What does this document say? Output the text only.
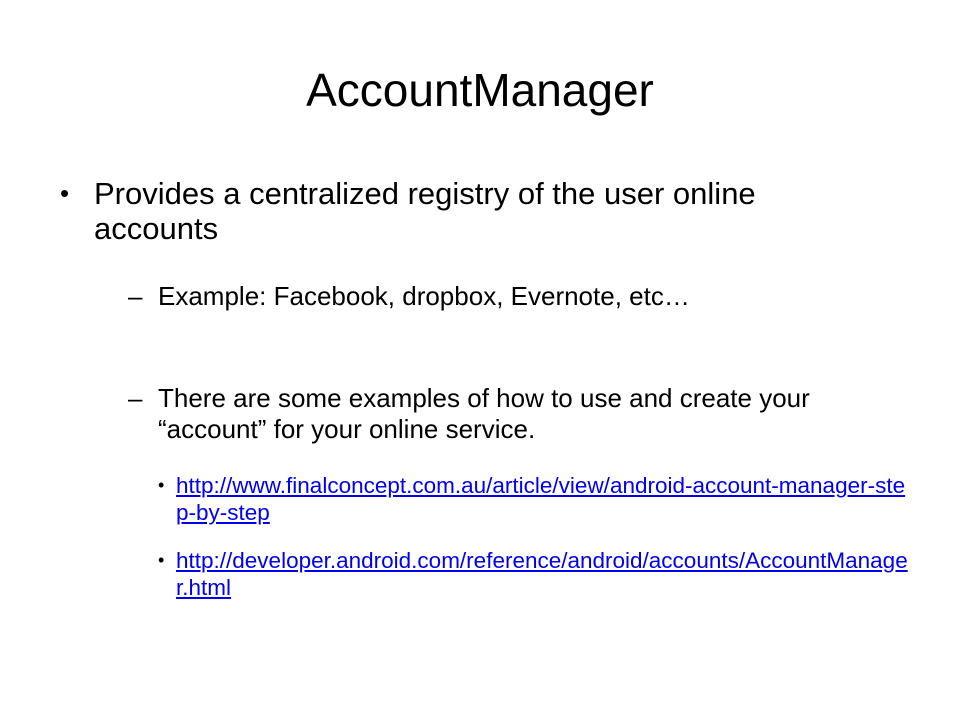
AccountManager
• Provides a centralized registry of the user online accounts
– Example: Facebook, dropbox, Evernote, etc…
– There are some examples of how to use and create your “account” for your online service.
• http://www.finalconcept.com.au/article/view/android-account-manager-step-by-step
• http://developer.android.com/reference/android/accounts/AccountManager.html
